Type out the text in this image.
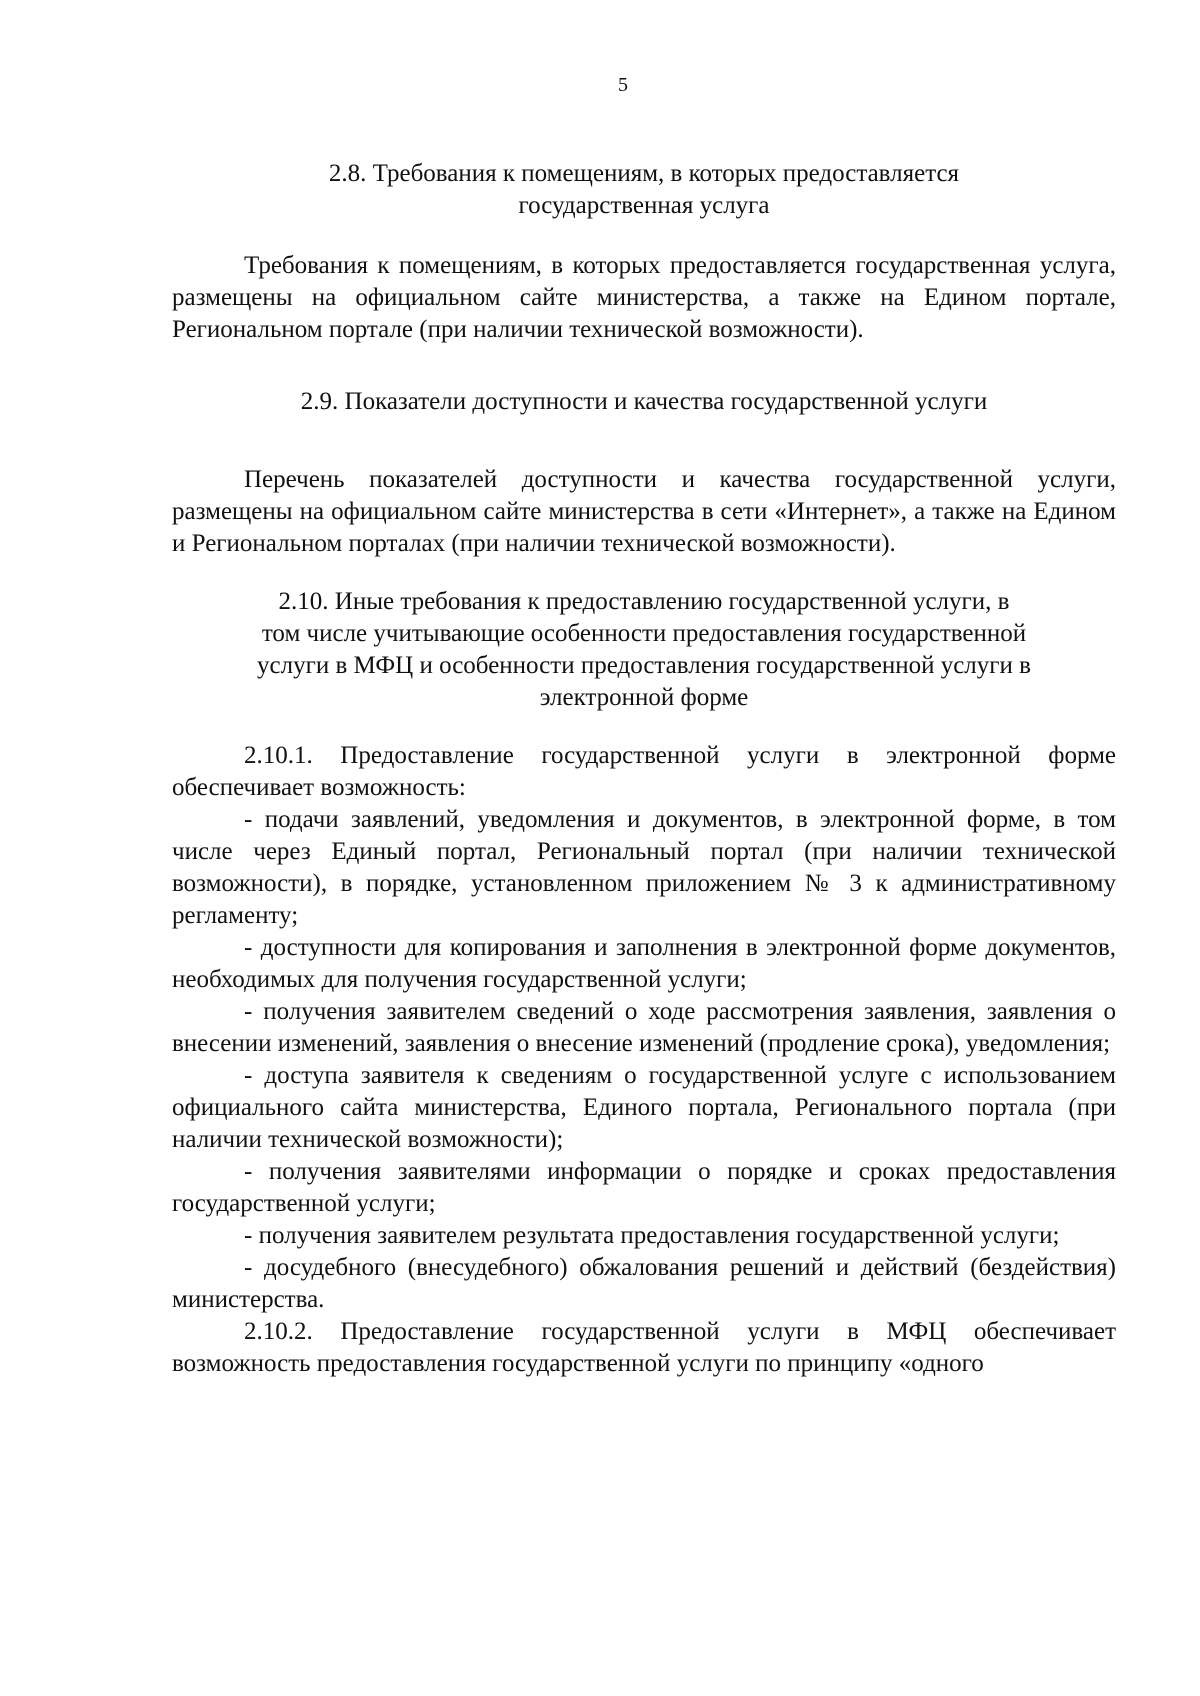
5

2.8. Требования к помещениям, в которых предоставляется
государственная услуга

Требования к помещениям, в которых предоставляется государственная услуга, размещены на официальном сайте министерства, а также на Едином портале, Региональном портале (при наличии технической возможности).

2.9. Показатели доступности и качества государственной услуги

Перечень показателей доступности и качества государственной услуги, размещены на официальном сайте министерства в сети «Интернет», а также на Едином и Региональном порталах (при наличии технической возможности).

2.10. Иные требования к предоставлению государственной услуги, в
том числе учитывающие особенности предоставления государственной
услуги в МФЦ и особенности предоставления государственной услуги в
электронной форме

2.10.1. Предоставление государственной услуги в электронной форме обеспечивает возможность:

- подачи заявлений, уведомления и документов, в электронной форме, в том числе через Единый портал, Региональный портал (при наличии технической возможности), в порядке, установленном приложением № 3 к административному регламенту;

- доступности для копирования и заполнения в электронной форме документов, необходимых для получения государственной услуги;

- получения заявителем сведений о ходе рассмотрения заявления, заявления о внесении изменений, заявления о внесение изменений (продление срока), уведомления;

- доступа заявителя к сведениям о государственной услуге с использованием официального сайта министерства, Единого портала, Регионального портала (при наличии технической возможности);

- получения заявителями информации о порядке и сроках предоставления государственной услуги;

- получения заявителем результата предоставления государственной услуги;

- досудебного (внесудебного) обжалования решений и действий (бездействия) министерства.

2.10.2. Предоставление государственной услуги в МФЦ обеспечивает возможность предоставления государственной услуги по принципу «одного
